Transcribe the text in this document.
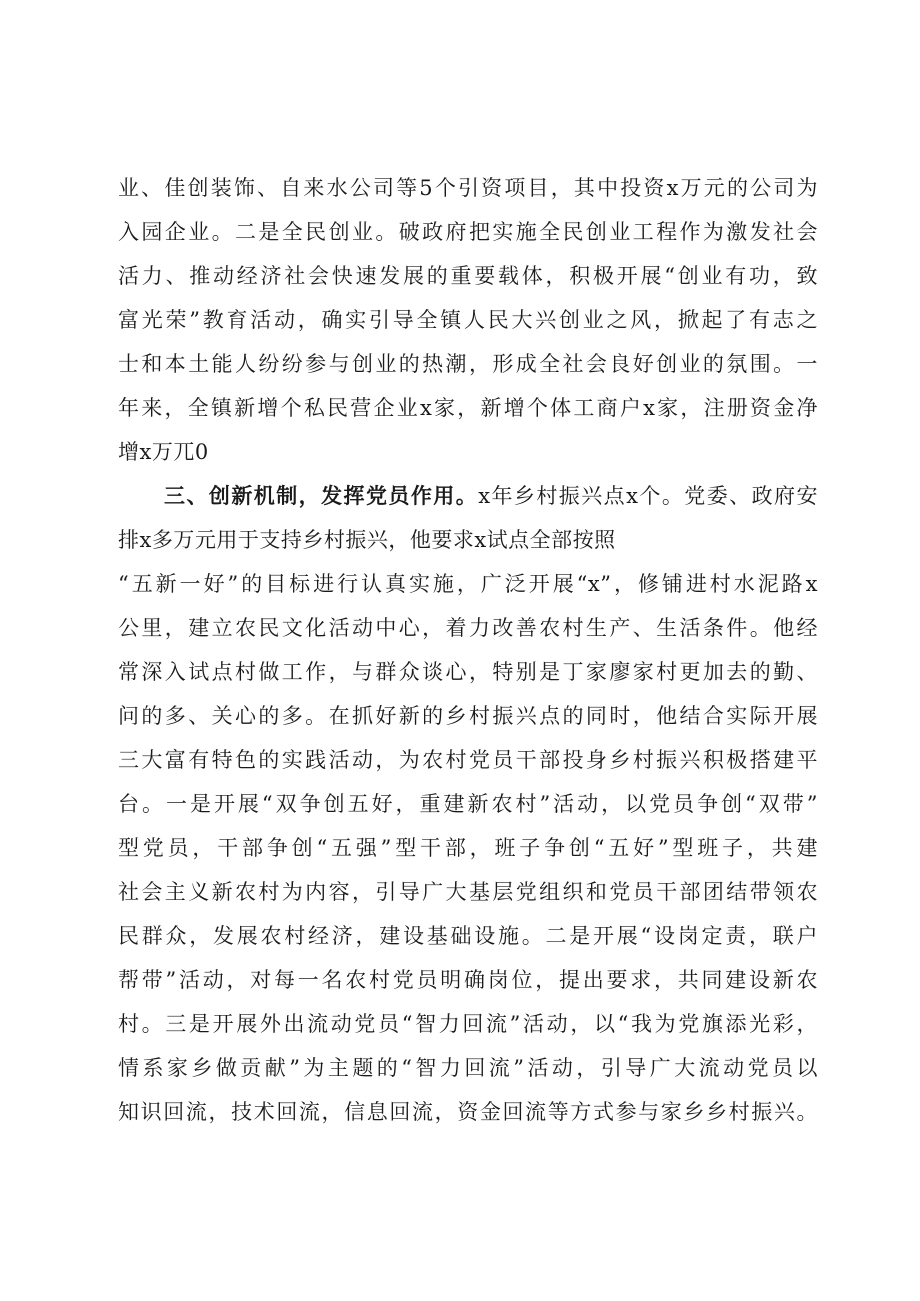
业、佳创装饰、自来水公司等5个引资项目，其中投资x万元的公司为
入园企业。二是全民创业。破政府把实施全民创业工程作为激发社会
活力、推动经济社会快速发展的重要载体，积极开展“创业有功，致
富光荣”教育活动，确实引导全镇人民大兴创业之风，掀起了有志之
士和本土能人纷纷参与创业的热潮，形成全社会良好创业的氛围。一
年来，全镇新增个私民营企业x家，新增个体工商户x家，注册资金净
增x万兀0
三、创新机制，发挥党员作用。x年乡村振兴点x个。党委、政府安
排x多万元用于支持乡村振兴，他要求x试点全部按照
“五新一好”的目标进行认真实施，广泛开展“x”，修铺进村水泥路x
公里，建立农民文化活动中心，着力改善农村生产、生活条件。他经
常深入试点村做工作，与群众谈心，特别是丁家廖家村更加去的勤、
问的多、关心的多。在抓好新的乡村振兴点的同时，他结合实际开展
三大富有特色的实践活动，为农村党员干部投身乡村振兴积极搭建平
台。一是开展“双争创五好，重建新农村”活动，以党员争创“双带”
型党员，干部争创“五强”型干部，班子争创“五好”型班子，共建
社会主义新农村为内容，引导广大基层党组织和党员干部团结带领农
民群众，发展农村经济，建设基础设施。二是开展“设岗定责，联户
帮带”活动，对每一名农村党员明确岗位，提出要求，共同建设新农
村。三是开展外出流动党员“智力回流”活动，以“我为党旗添光彩，
情系家乡做贡献”为主题的“智力回流”活动，引导广大流动党员以
知识回流，技术回流，信息回流，资金回流等方式参与家乡乡村振兴。
